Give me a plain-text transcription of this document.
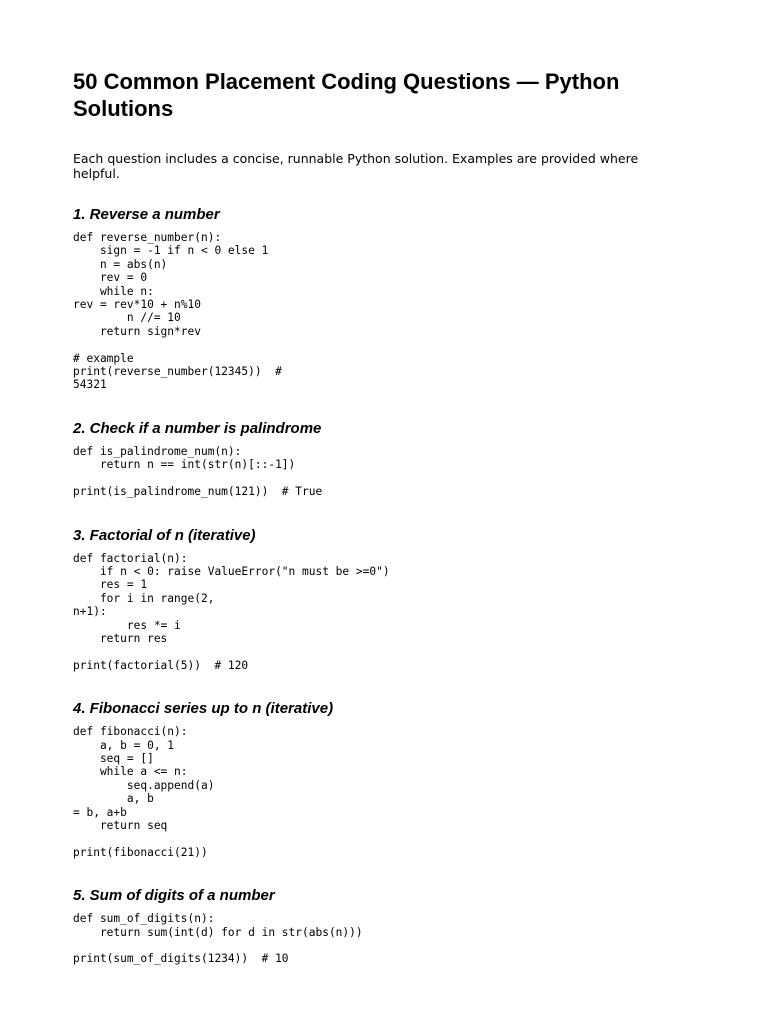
50 Common Placement Coding Questions — Python Solutions

Each question includes a concise, runnable Python solution. Examples are provided where helpful.

1. Reverse a number
def reverse_number(n):
sign = -1 if n < 0 else 1
n = abs(n)
rev = 0
while n:
rev = rev*10 + n%10
n //= 10
return sign*rev

# example
print(reverse_number(12345))  #
54321
2. Check if a number is palindrome
def is_palindrome_num(n):
return n == int(str(n)[::-1])

print(is_palindrome_num(121))  # True
3. Factorial of n (iterative)
def factorial(n):
if n < 0: raise ValueError("n must be >=0")
res = 1
for i in range(2,
n+1):
res *= i
return res

print(factorial(5))  # 120
4. Fibonacci series up to n (iterative)
def fibonacci(n):
a, b = 0, 1
seq = []
while a <= n:
seq.append(a)
a, b
= b, a+b
return seq

print(fibonacci(21))
5. Sum of digits of a number
def sum_of_digits(n):
return sum(int(d) for d in str(abs(n)))

print(sum_of_digits(1234))  # 10
